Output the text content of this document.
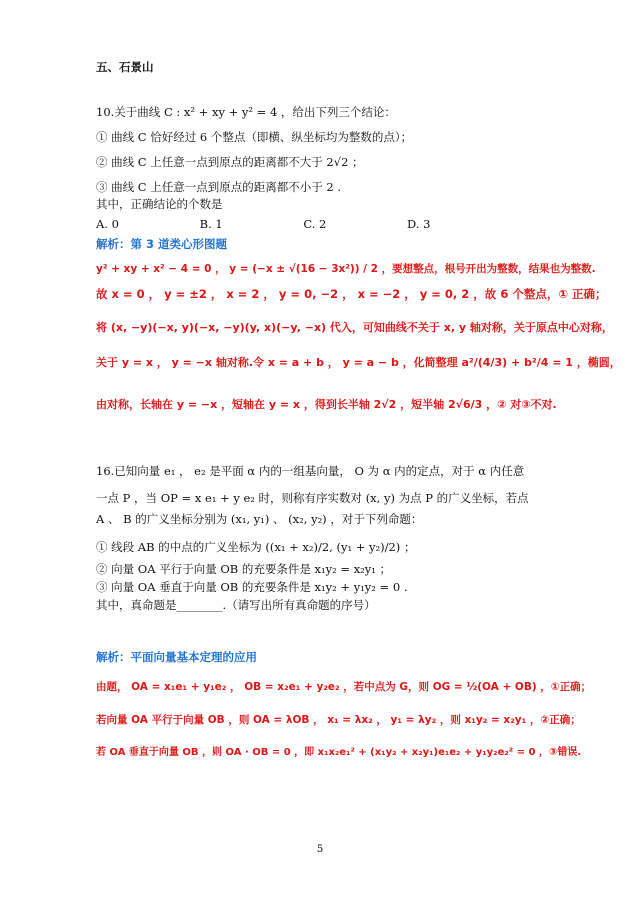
五、石景山
10.关于曲线 C : x² + xy + y² = 4 ，给出下列三个结论：
① 曲线 C 恰好经过 6 个整点（即横、纵坐标均为整数的点）；
② 曲线 C 上任意一点到原点的距离都不大于 2√2 ；
③ 曲线 C 上任意一点到原点的距离都不小于 2 .
其中，正确结论的个数是
A. 0	B. 1	C. 2	D. 3
解析：第 3 道类心形图题
y² + xy + x² − 4 = 0 ， y = (−x ± √(16 − 3x²)) / 2 ，要想整点，根号开出为整数，结果也为整数.
故 x = 0 ， y = ±2 ， x = 2 ， y = 0, −2 ， x = −2 ， y = 0, 2 ，故 6 个整点，① 正确；
将 (x, −y)(−x, y)(−x, −y)(y, x)(−y, −x) 代入，可知曲线不关于 x, y 轴对称，关于原点中心对称，
关于 y = x ， y = −x 轴对称.令 x = a + b ， y = a − b ，化简整理 a²/(4/3) + b²/4 = 1 ，椭圆，
由对称，长轴在 y = −x ，短轴在 y = x ，得到长半轴 2√2 ，短半轴 2√6/3 ，② 对③不对.
16.已知向量 e₁ ， e₂ 是平面 α 内的一组基向量， O 为 α 内的定点，对于 α 内任意
一点 P ，当 OP = x e₁ + y e₂ 时，则称有序实数对 (x, y) 为点 P 的广义坐标，若点
A 、 B 的广义坐标分别为 (x₁, y₁) 、 (x₂, y₂) ，对于下列命题：
① 线段 AB 的中点的广义坐标为 ((x₁ + x₂)/2, (y₁ + y₂)/2) ；
② 向量 OA 平行于向量 OB 的充要条件是 x₁y₂ = x₂y₁ ；
③ 向量 OA 垂直于向量 OB 的充要条件是 x₁y₂ + y₁y₂ = 0 .
其中，真命题是________.（请写出所有真命题的序号）
解析：平面向量基本定理的应用
由题， OA = x₁e₁ + y₁e₂ ， OB = x₂e₁ + y₂e₂ ，若中点为 G，则 OG = ½(OA + OB) ，①正确；
若向量 OA 平行于向量 OB ，则 OA = λOB ， x₁ = λx₂ ， y₁ = λy₂ ，则 x₁y₂ = x₂y₁ ，②正确；
若 OA 垂直于向量 OB ，则 OA · OB = 0 ，即 x₁x₂e₁² + (x₁y₂ + x₂y₁)e₁e₂ + y₁y₂e₂² = 0 ，③错误.
5
